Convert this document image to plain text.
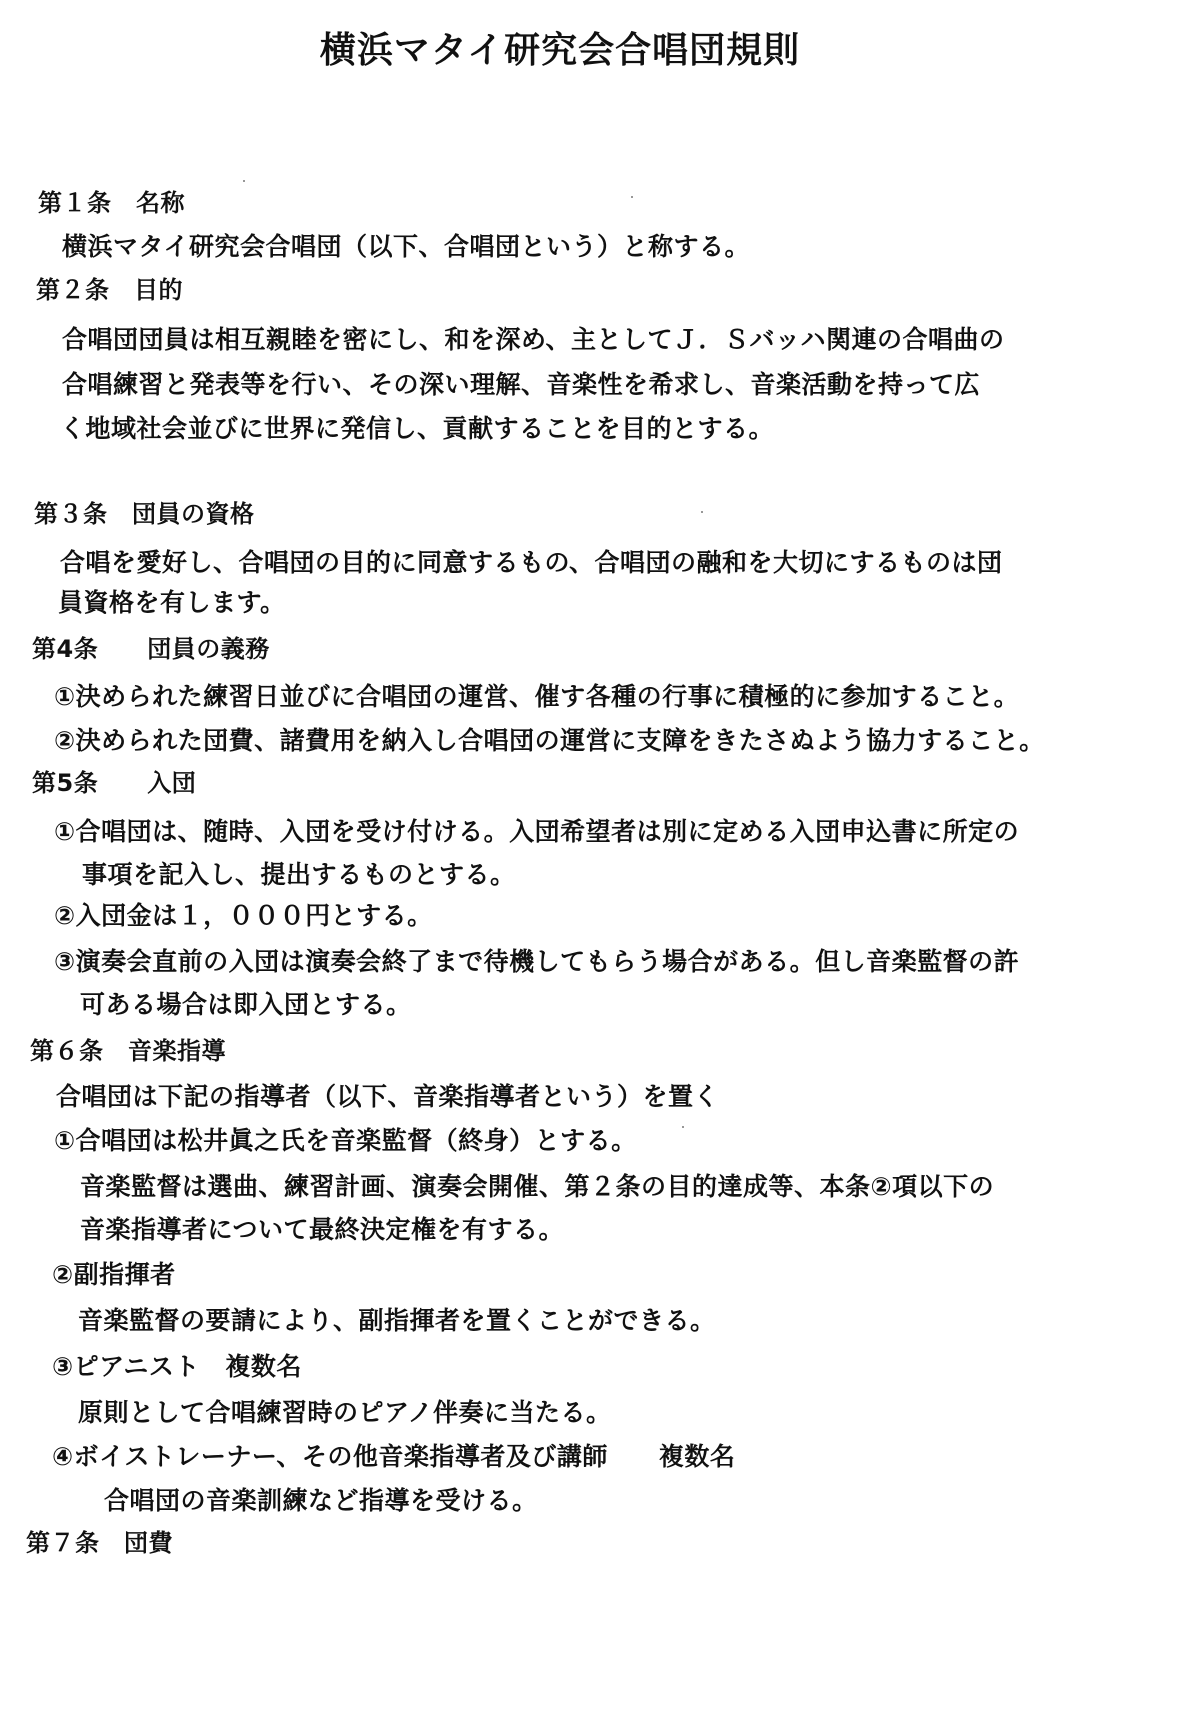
横浜マタイ研究会合唱団規則
第１条　名称
横浜マタイ研究会合唱団（以下、合唱団という）と称する。
第２条　目的
合唱団団員は相互親睦を密にし、和を深め、主としてＪ．Ｓバッハ関連の合唱曲の
合唱練習と発表等を行い、その深い理解、音楽性を希求し、音楽活動を持って広
く地域社会並びに世界に発信し、貢献することを目的とする。
第３条　団員の資格
合唱を愛好し、合唱団の目的に同意するもの、合唱団の融和を大切にするものは団
員資格を有します。
第4条　　団員の義務
①決められた練習日並びに合唱団の運営、催す各種の行事に積極的に参加すること。
②決められた団費、諸費用を納入し合唱団の運営に支障をきたさぬよう協力すること。
第5条　　入団
①合唱団は、随時、入団を受け付ける。入団希望者は別に定める入団申込書に所定の
事項を記入し、提出するものとする。
②入団金は１，０００円とする。
③演奏会直前の入団は演奏会終了まで待機してもらう場合がある。但し音楽監督の許
可ある場合は即入団とする。
第６条　音楽指導
合唱団は下記の指導者（以下、音楽指導者という）を置く
①合唱団は松井眞之氏を音楽監督（終身）とする。
音楽監督は選曲、練習計画、演奏会開催、第２条の目的達成等、本条②項以下の
音楽指導者について最終決定権を有する。
②副指揮者
音楽監督の要請により、副指揮者を置くことができる。
③ピアニスト　複数名
原則として合唱練習時のピアノ伴奏に当たる。
④ボイストレーナー、その他音楽指導者及び講師　　複数名
合唱団の音楽訓練など指導を受ける。
第７条　団費
